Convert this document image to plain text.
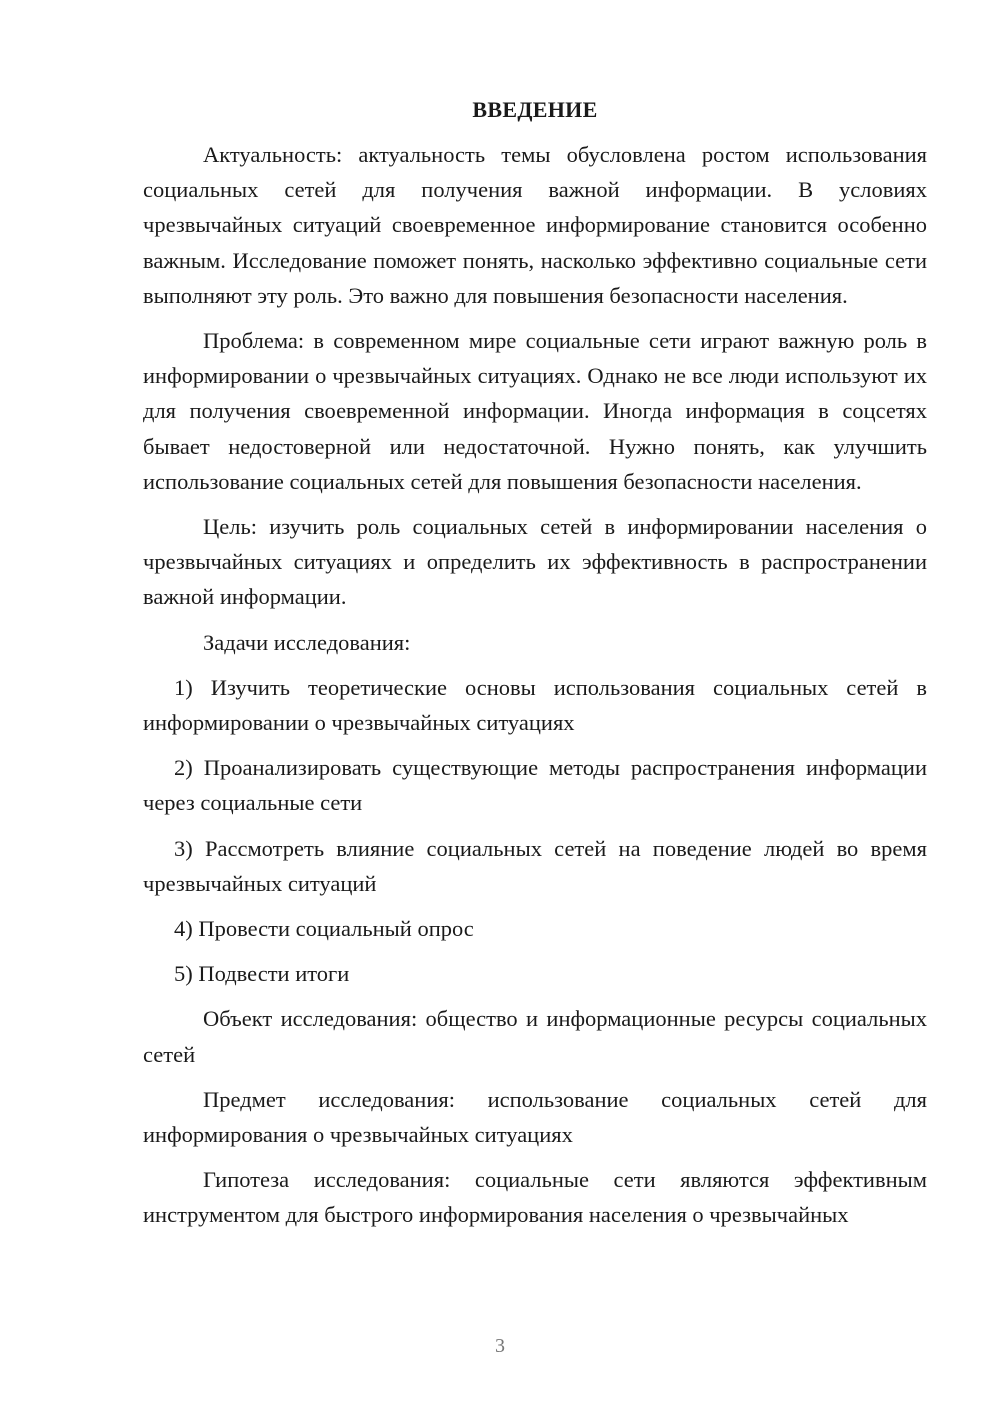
ВВЕДЕНИЕ

Актуальность: актуальность темы обусловлена ростом использования социальных сетей для получения важной информации. В условиях чрезвычайных ситуаций своевременное информирование становится особенно важным. Исследование поможет понять, насколько эффективно социальные сети выполняют эту роль. Это важно для повышения безопасности населения.

Проблема: в современном мире социальные сети играют важную роль в информировании о чрезвычайных ситуациях. Однако не все люди используют их для получения своевременной информации. Иногда информация в соцсетях бывает недостоверной или недостаточной. Нужно понять, как улучшить использование социальных сетей для повышения безопасности населения.

Цель: изучить роль социальных сетей в информировании населения о чрезвычайных ситуациях и определить их эффективность в распространении важной информации.

Задачи исследования:

1) Изучить теоретические основы использования социальных сетей в информировании о чрезвычайных ситуациях

2) Проанализировать существующие методы распространения информации через социальные сети

3) Рассмотреть влияние социальных сетей на поведение людей во время чрезвычайных ситуаций

4) Провести социальный опрос

5) Подвести итоги

Объект исследования: общество и информационные ресурсы социальных сетей

Предмет исследования: использование социальных сетей для информирования о чрезвычайных ситуациях

Гипотеза исследования: социальные сети являются эффективным инструментом для быстрого информирования населения о чрезвычайных

3
